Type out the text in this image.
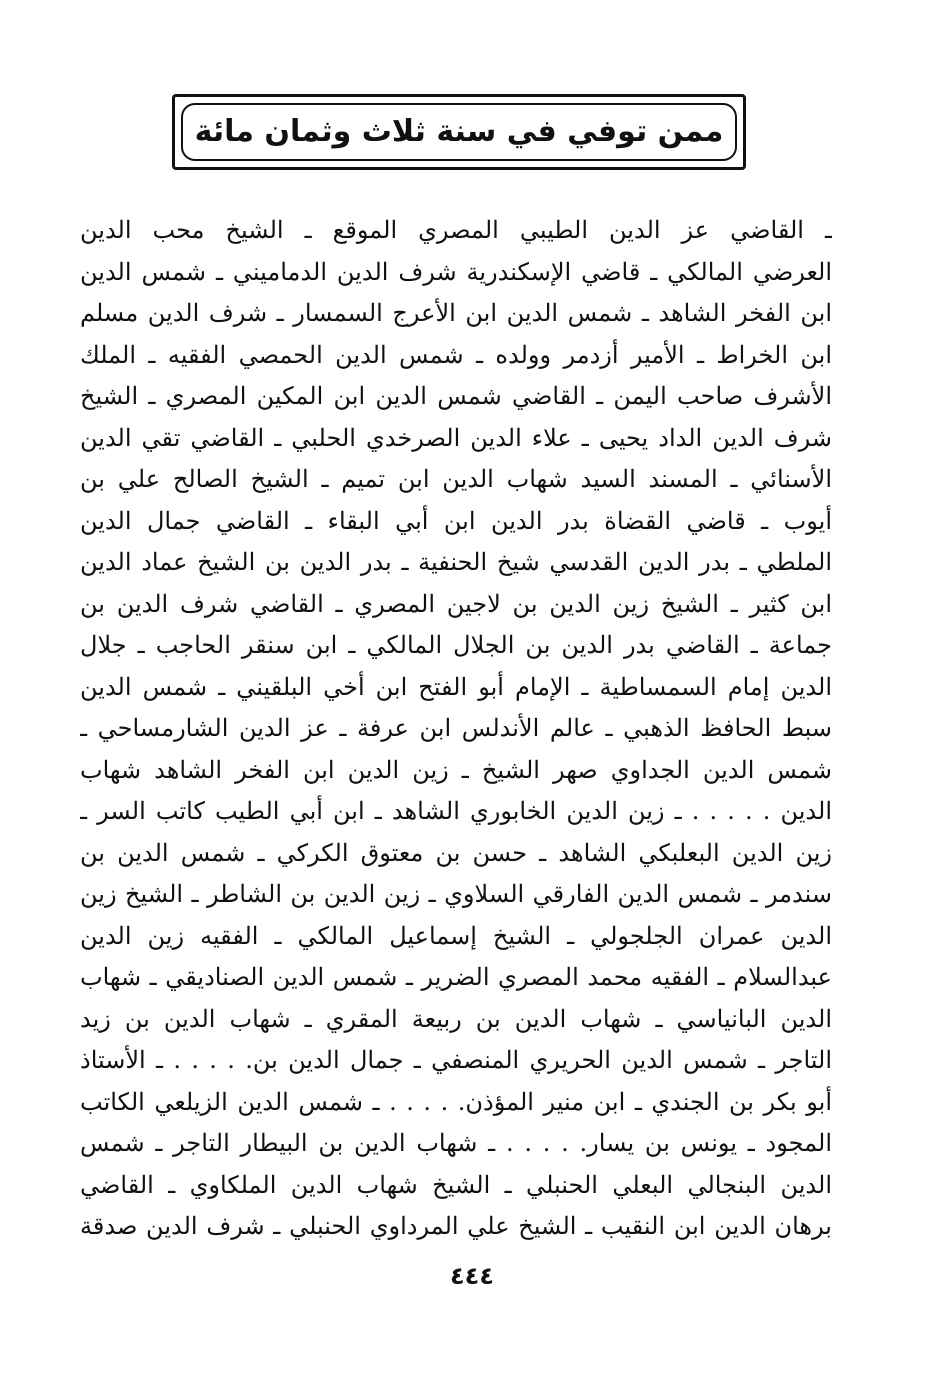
ممن توفي في سنة ثلاث وثمان مائة
ـ القاضي عز الدين الطيبي المصري الموقع ـ الشيخ محب الدين
العرضي المالكي ـ قاضي الإسكندرية شرف الدين الدماميني ـ شمس الدين
ابن الفخر الشاهد ـ شمس الدين ابن الأعرج السمسار ـ شرف الدين مسلم
ابن الخراط ـ الأمير أزدمر وولده ـ شمس الدين الحمصي الفقيه ـ الملك
الأشرف صاحب اليمن ـ القاضي شمس الدين ابن المكين المصري ـ الشيخ
شرف الدين الداد يحيى ـ علاء الدين الصرخدي الحلبي ـ القاضي تقي الدين
الأسنائي ـ المسند السيد شهاب الدين ابن تميم ـ الشيخ الصالح علي بن
أيوب ـ قاضي القضاة بدر الدين ابن أبي البقاء ـ القاضي جمال الدين
الملطي ـ بدر الدين القدسي شيخ الحنفية ـ بدر الدين بن الشيخ عماد الدين
ابن كثير ـ الشيخ زين الدين بن لاجين المصري ـ القاضي شرف الدين بن
جماعة ـ القاضي بدر الدين بن الجلال المالكي ـ ابن سنقر الحاجب ـ جلال
الدين إمام السمساطية ـ الإمام أبو الفتح ابن أخي البلقيني ـ شمس الدين
سبط الحافظ الذهبي ـ عالم الأندلس ابن عرفة ـ عز الدين الشارمساحي ـ
شمس الدين الجداوي صهر الشيخ ـ زين الدين ابن الفخر الشاهد شهاب
الدين . . . . . ـ زين الدين الخابوري الشاهد ـ ابن أبي الطيب كاتب السر ـ
زين الدين البعلبكي الشاهد ـ حسن بن معتوق الكركي ـ شمس الدين بن
سندمر ـ شمس الدين الفارقي السلاوي ـ زين الدين بن الشاطر ـ الشيخ زين
الدين عمران الجلجولي ـ الشيخ إسماعيل المالكي ـ الفقيه زين الدين
عبدالسلام ـ الفقيه محمد المصري الضرير ـ شمس الدين الصناديقي ـ شهاب
الدين البانياسي ـ شهاب الدين بن ربيعة المقري ـ شهاب الدين بن زيد
التاجر ـ شمس الدين الحريري المنصفي ـ جمال الدين بن. . . . . ـ الأستاذ
أبو بكر بن الجندي ـ ابن منير المؤذن. . . . . ـ شمس الدين الزيلعي الكاتب
المجود ـ يونس بن يسار. . . . . ـ شهاب الدين بن البيطار التاجر ـ شمس
الدين البنجالي البعلي الحنبلي ـ الشيخ شهاب الدين الملكاوي ـ القاضي
برهان الدين ابن النقيب ـ الشيخ علي المرداوي الحنبلي ـ شرف الدين صدقة
٤٤٤
